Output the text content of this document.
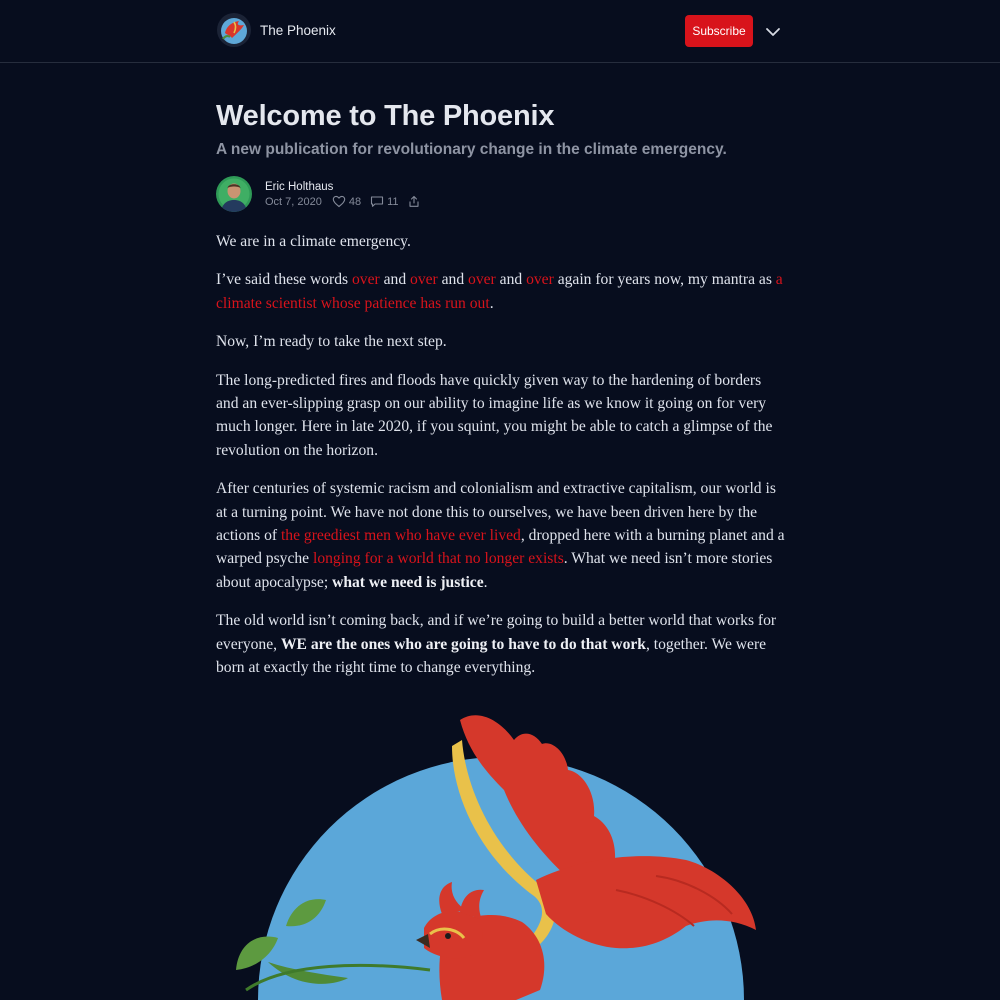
The Phoenix	Subscribe
Welcome to The Phoenix
A new publication for revolutionary change in the climate emergency.
Eric Holthaus
Oct 7, 2020 48 11

We are in a climate emergency.

I’ve said these words over and over and over and over again for years now, my mantra as a climate scientist whose patience has run out.

Now, I’m ready to take the next step.

The long-predicted fires and floods have quickly given way to the hardening of borders and an ever-slipping grasp on our ability to imagine life as we know it going on for very much longer. Here in late 2020, if you squint, you might be able to catch a glimpse of the revolution on the horizon.

After centuries of systemic racism and colonialism and extractive capitalism, our world is at a turning point. We have not done this to ourselves, we have been driven here by the actions of the greediest men who have ever lived, dropped here with a burning planet and a warped psyche longing for a world that no longer exists. What we need isn’t more stories about apocalypse; what we need is justice.

The old world isn’t coming back, and if we’re going to build a better world that works for everyone, WE are the ones who are going to have to do that work, together. We were born at exactly the right time to change everything.
